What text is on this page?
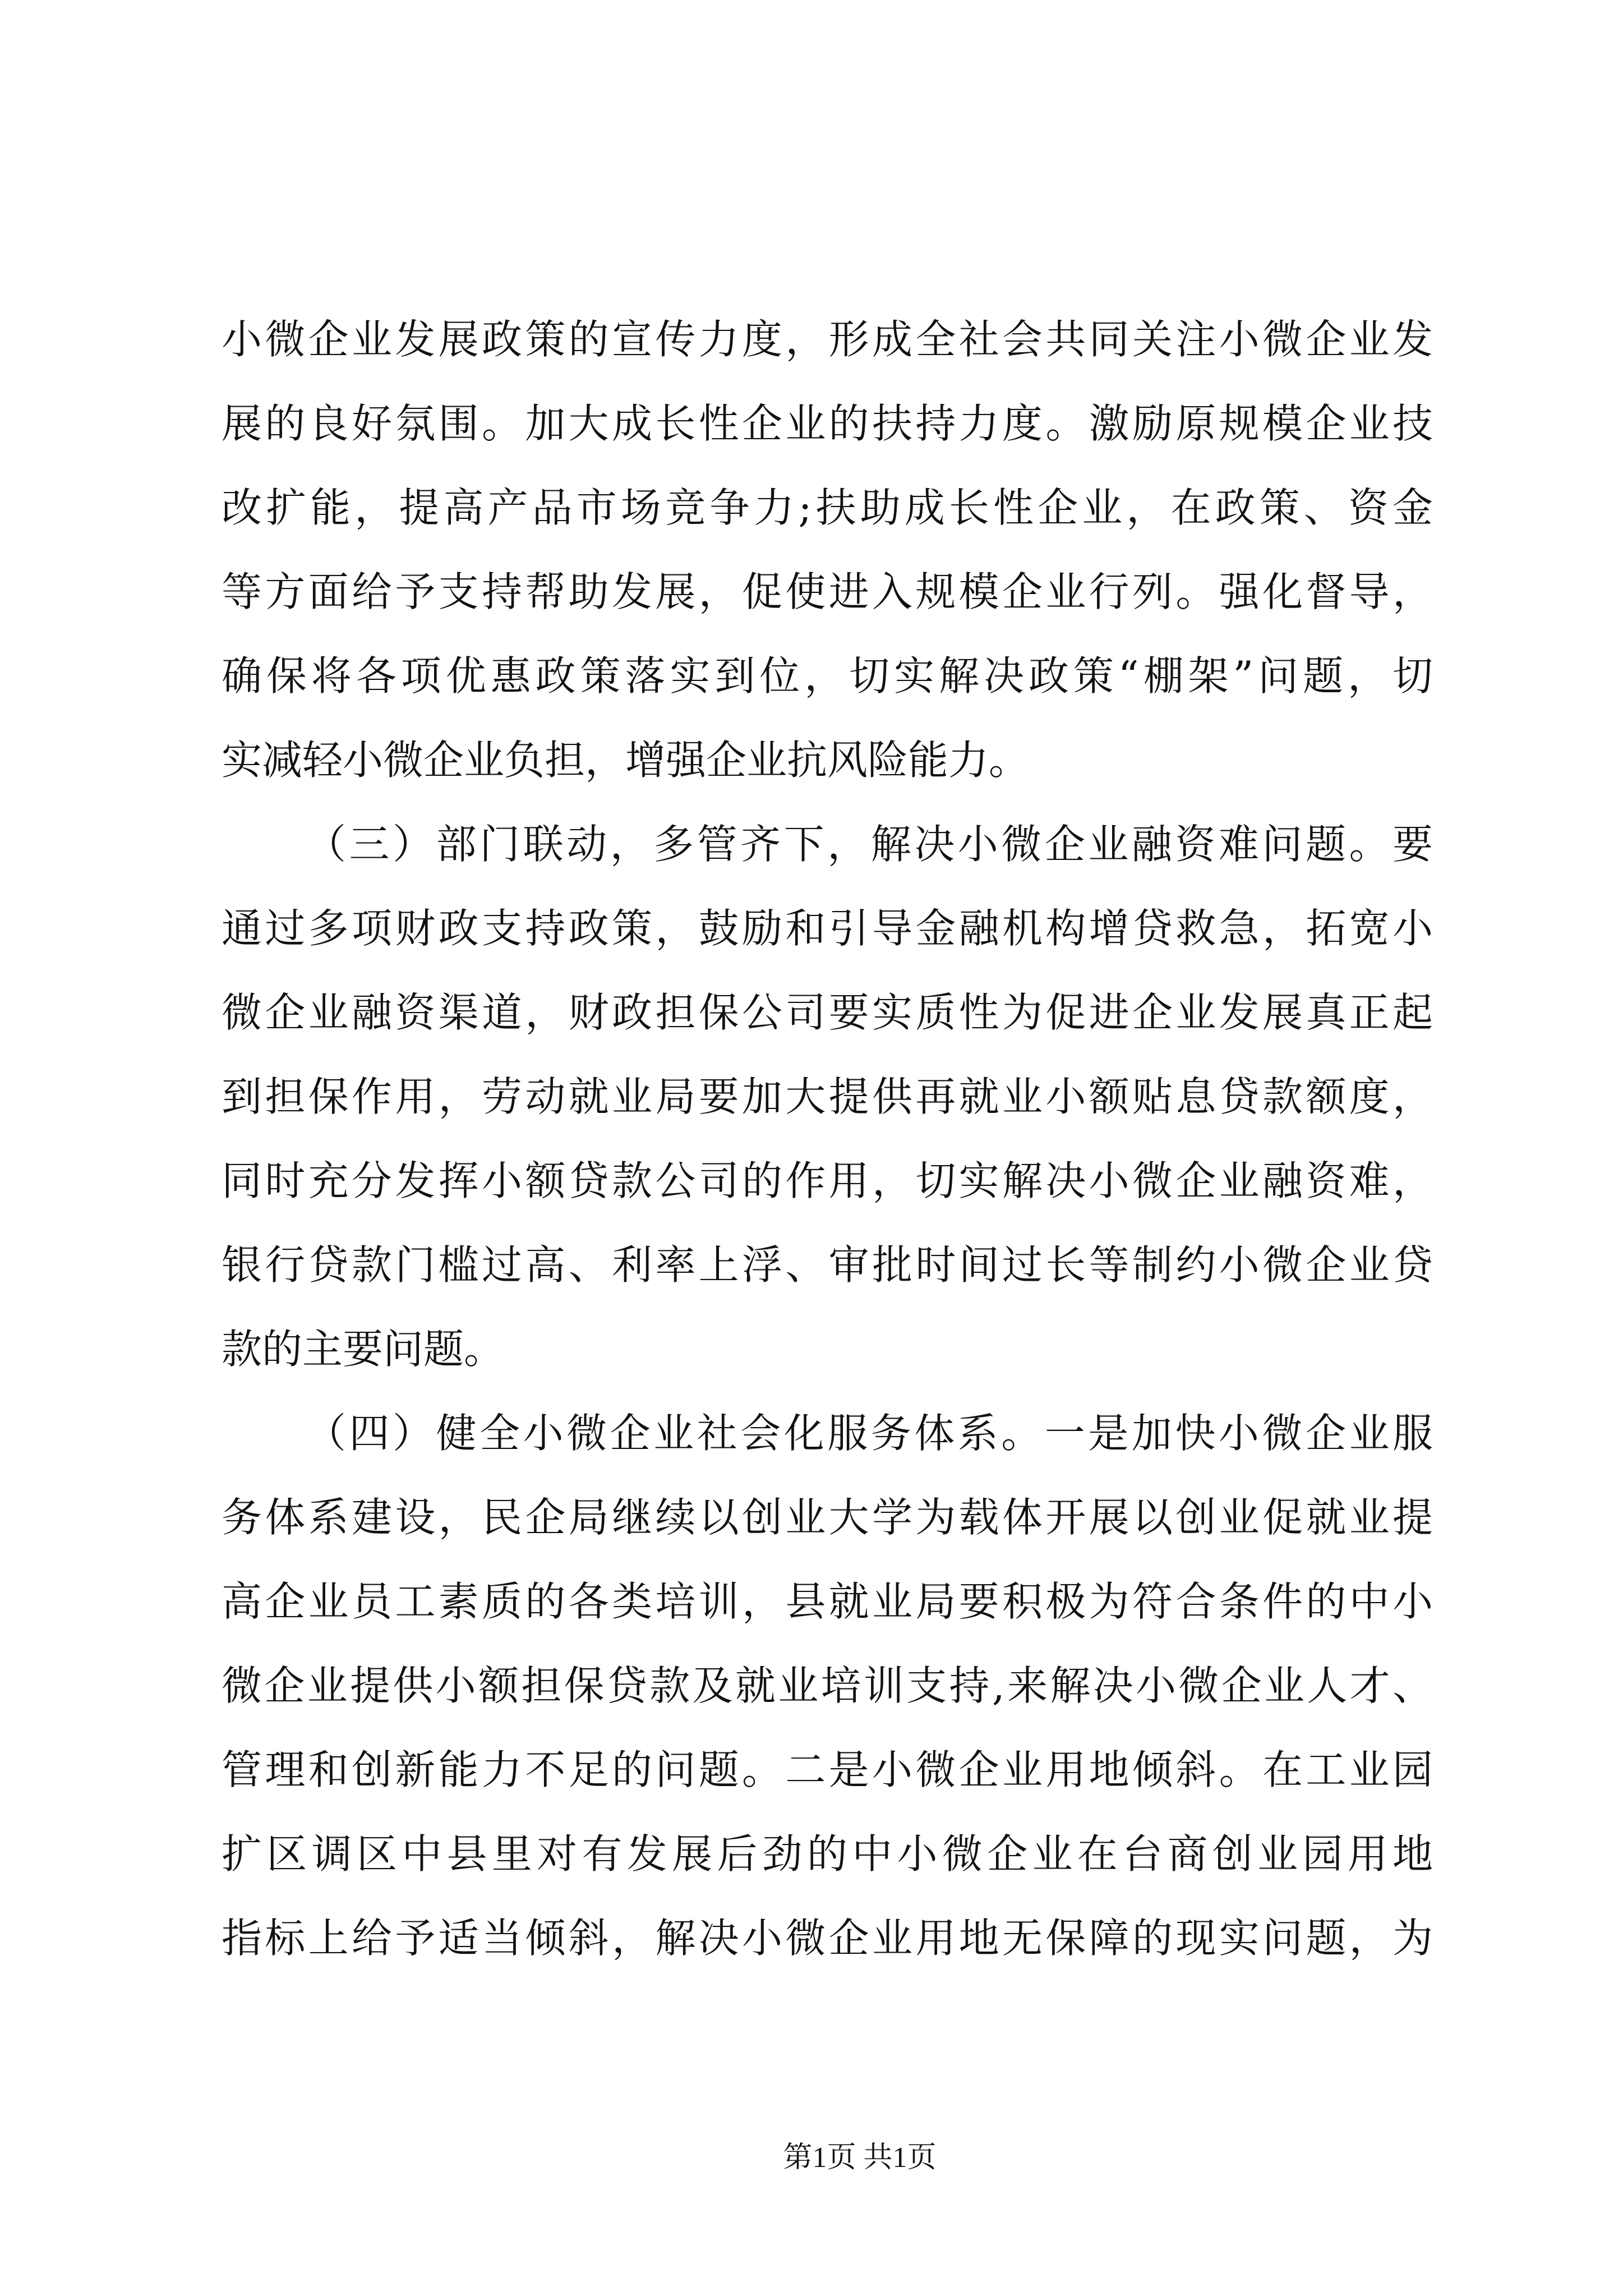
小微企业发展政策的宣传力度，形成全社会共同关注小微企业发
展的良好氛围。加大成长性企业的扶持力度。激励原规模企业技
改扩能，提高产品市场竞争力;扶助成长性企业，在政策、资金
等方面给予支持帮助发展，促使进入规模企业行列。强化督导，
确保将各项优惠政策落实到位，切实解决政策“棚架”问题，切
实减轻小微企业负担，增强企业抗风险能力。
（三）部门联动，多管齐下，解决小微企业融资难问题。要
通过多项财政支持政策，鼓励和引导金融机构增贷救急，拓宽小
微企业融资渠道，财政担保公司要实质性为促进企业发展真正起
到担保作用，劳动就业局要加大提供再就业小额贴息贷款额度，
同时充分发挥小额贷款公司的作用，切实解决小微企业融资难，
银行贷款门槛过高、利率上浮、审批时间过长等制约小微企业贷
款的主要问题。
（四）健全小微企业社会化服务体系。一是加快小微企业服
务体系建设，民企局继续以创业大学为载体开展以创业促就业提
高企业员工素质的各类培训，县就业局要积极为符合条件的中小
微企业提供小额担保贷款及就业培训支持,来解决小微企业人才、
管理和创新能力不足的问题。二是小微企业用地倾斜。在工业园
扩区调区中县里对有发展后劲的中小微企业在台商创业园用地
指标上给予适当倾斜，解决小微企业用地无保障的现实问题，为
第1页 共1页
